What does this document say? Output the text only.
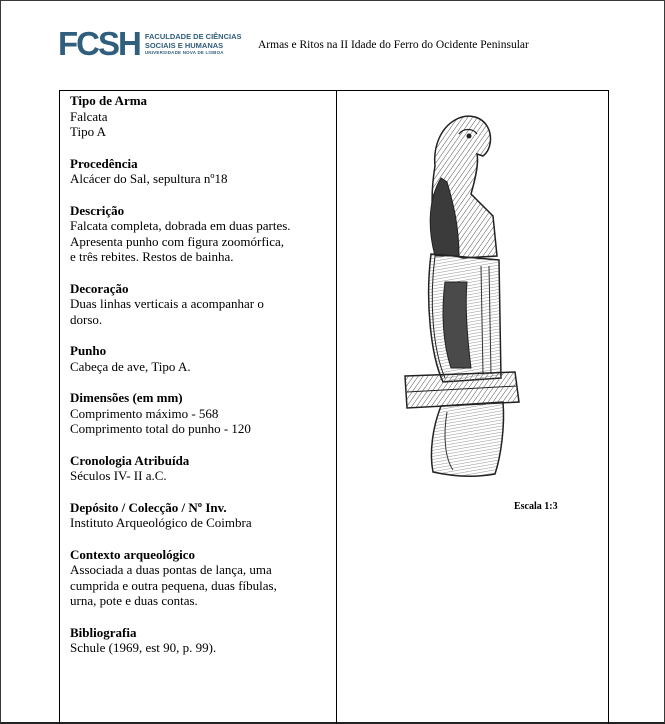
FCSH FACULDADE DE CIÊNCIAS
SOCIAIS E HUMANAS
UNIVERSIDADE NOVA DE LISBOA
Armas e Ritos na II Idade do Ferro do Ocidente Peninsular
Tipo de Arma

Falcata

Tipo A

Procedência

Alcácer do Sal, sepultura nº18

Descrição

Falcata completa, dobrada em duas partes.

Apresenta punho com figura zoomórfica,

e três rebites. Restos de bainha.

Decoração

Duas linhas verticais a acompanhar o

dorso.

Punho

Cabeça de ave, Tipo A.

Dimensões (em mm)

Comprimento máximo - 568

Comprimento total do punho - 120

Cronologia Atribuída

Séculos IV- II a.C.

Depósito / Colecção / Nº Inv.

Instituto Arqueológico de Coimbra

Contexto arqueológico

Associada a duas pontas de lança, uma

cumprida e outra pequena, duas fíbulas,

urna, pote e duas contas.

Bibliografia

Schule (1969, est 90, p. 99).

Escala 1:3
